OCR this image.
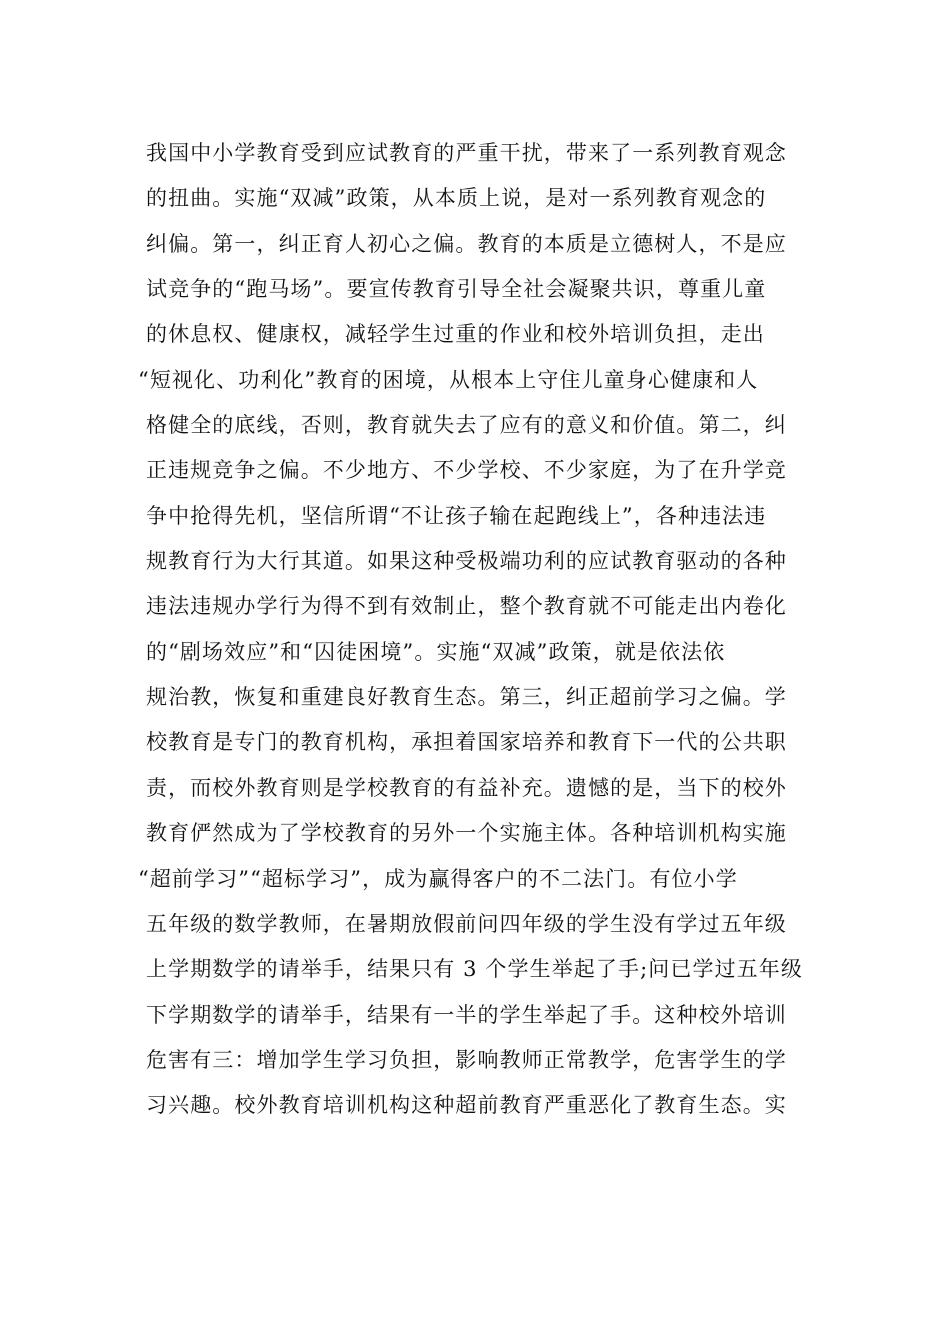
我国中小学教育受到应试教育的严重干扰，带来了一系列教育观念
的扭曲。实施“双减”政策，从本质上说，是对一系列教育观念的
纠偏。第一，纠正育人初心之偏。教育的本质是立德树人，不是应
试竞争的“跑马场”。要宣传教育引导全社会凝聚共识，尊重儿童
的休息权、健康权，减轻学生过重的作业和校外培训负担，走出
“短视化、功利化”教育的困境，从根本上守住儿童身心健康和人
格健全的底线，否则，教育就失去了应有的意义和价值。第二，纠
正违规竞争之偏。不少地方、不少学校、不少家庭，为了在升学竞
争中抢得先机，坚信所谓“不让孩子输在起跑线上”，各种违法违
规教育行为大行其道。如果这种受极端功利的应试教育驱动的各种
违法违规办学行为得不到有效制止，整个教育就不可能走出内卷化
的“剧场效应”和“囚徒困境”。实施“双减”政策，就是依法依
规治教，恢复和重建良好教育生态。第三，纠正超前学习之偏。学
校教育是专门的教育机构，承担着国家培养和教育下一代的公共职
责，而校外教育则是学校教育的有益补充。遗憾的是，当下的校外
教育俨然成为了学校教育的另外一个实施主体。各种培训机构实施
“超前学习”“超标学习”，成为赢得客户的不二法门。有位小学
五年级的数学教师，在暑期放假前问四年级的学生没有学过五年级
上学期数学的请举手，结果只有 3 个学生举起了手;问已学过五年级
下学期数学的请举手，结果有一半的学生举起了手。这种校外培训
危害有三：增加学生学习负担，影响教师正常教学，危害学生的学
习兴趣。校外教育培训机构这种超前教育严重恶化了教育生态。实
